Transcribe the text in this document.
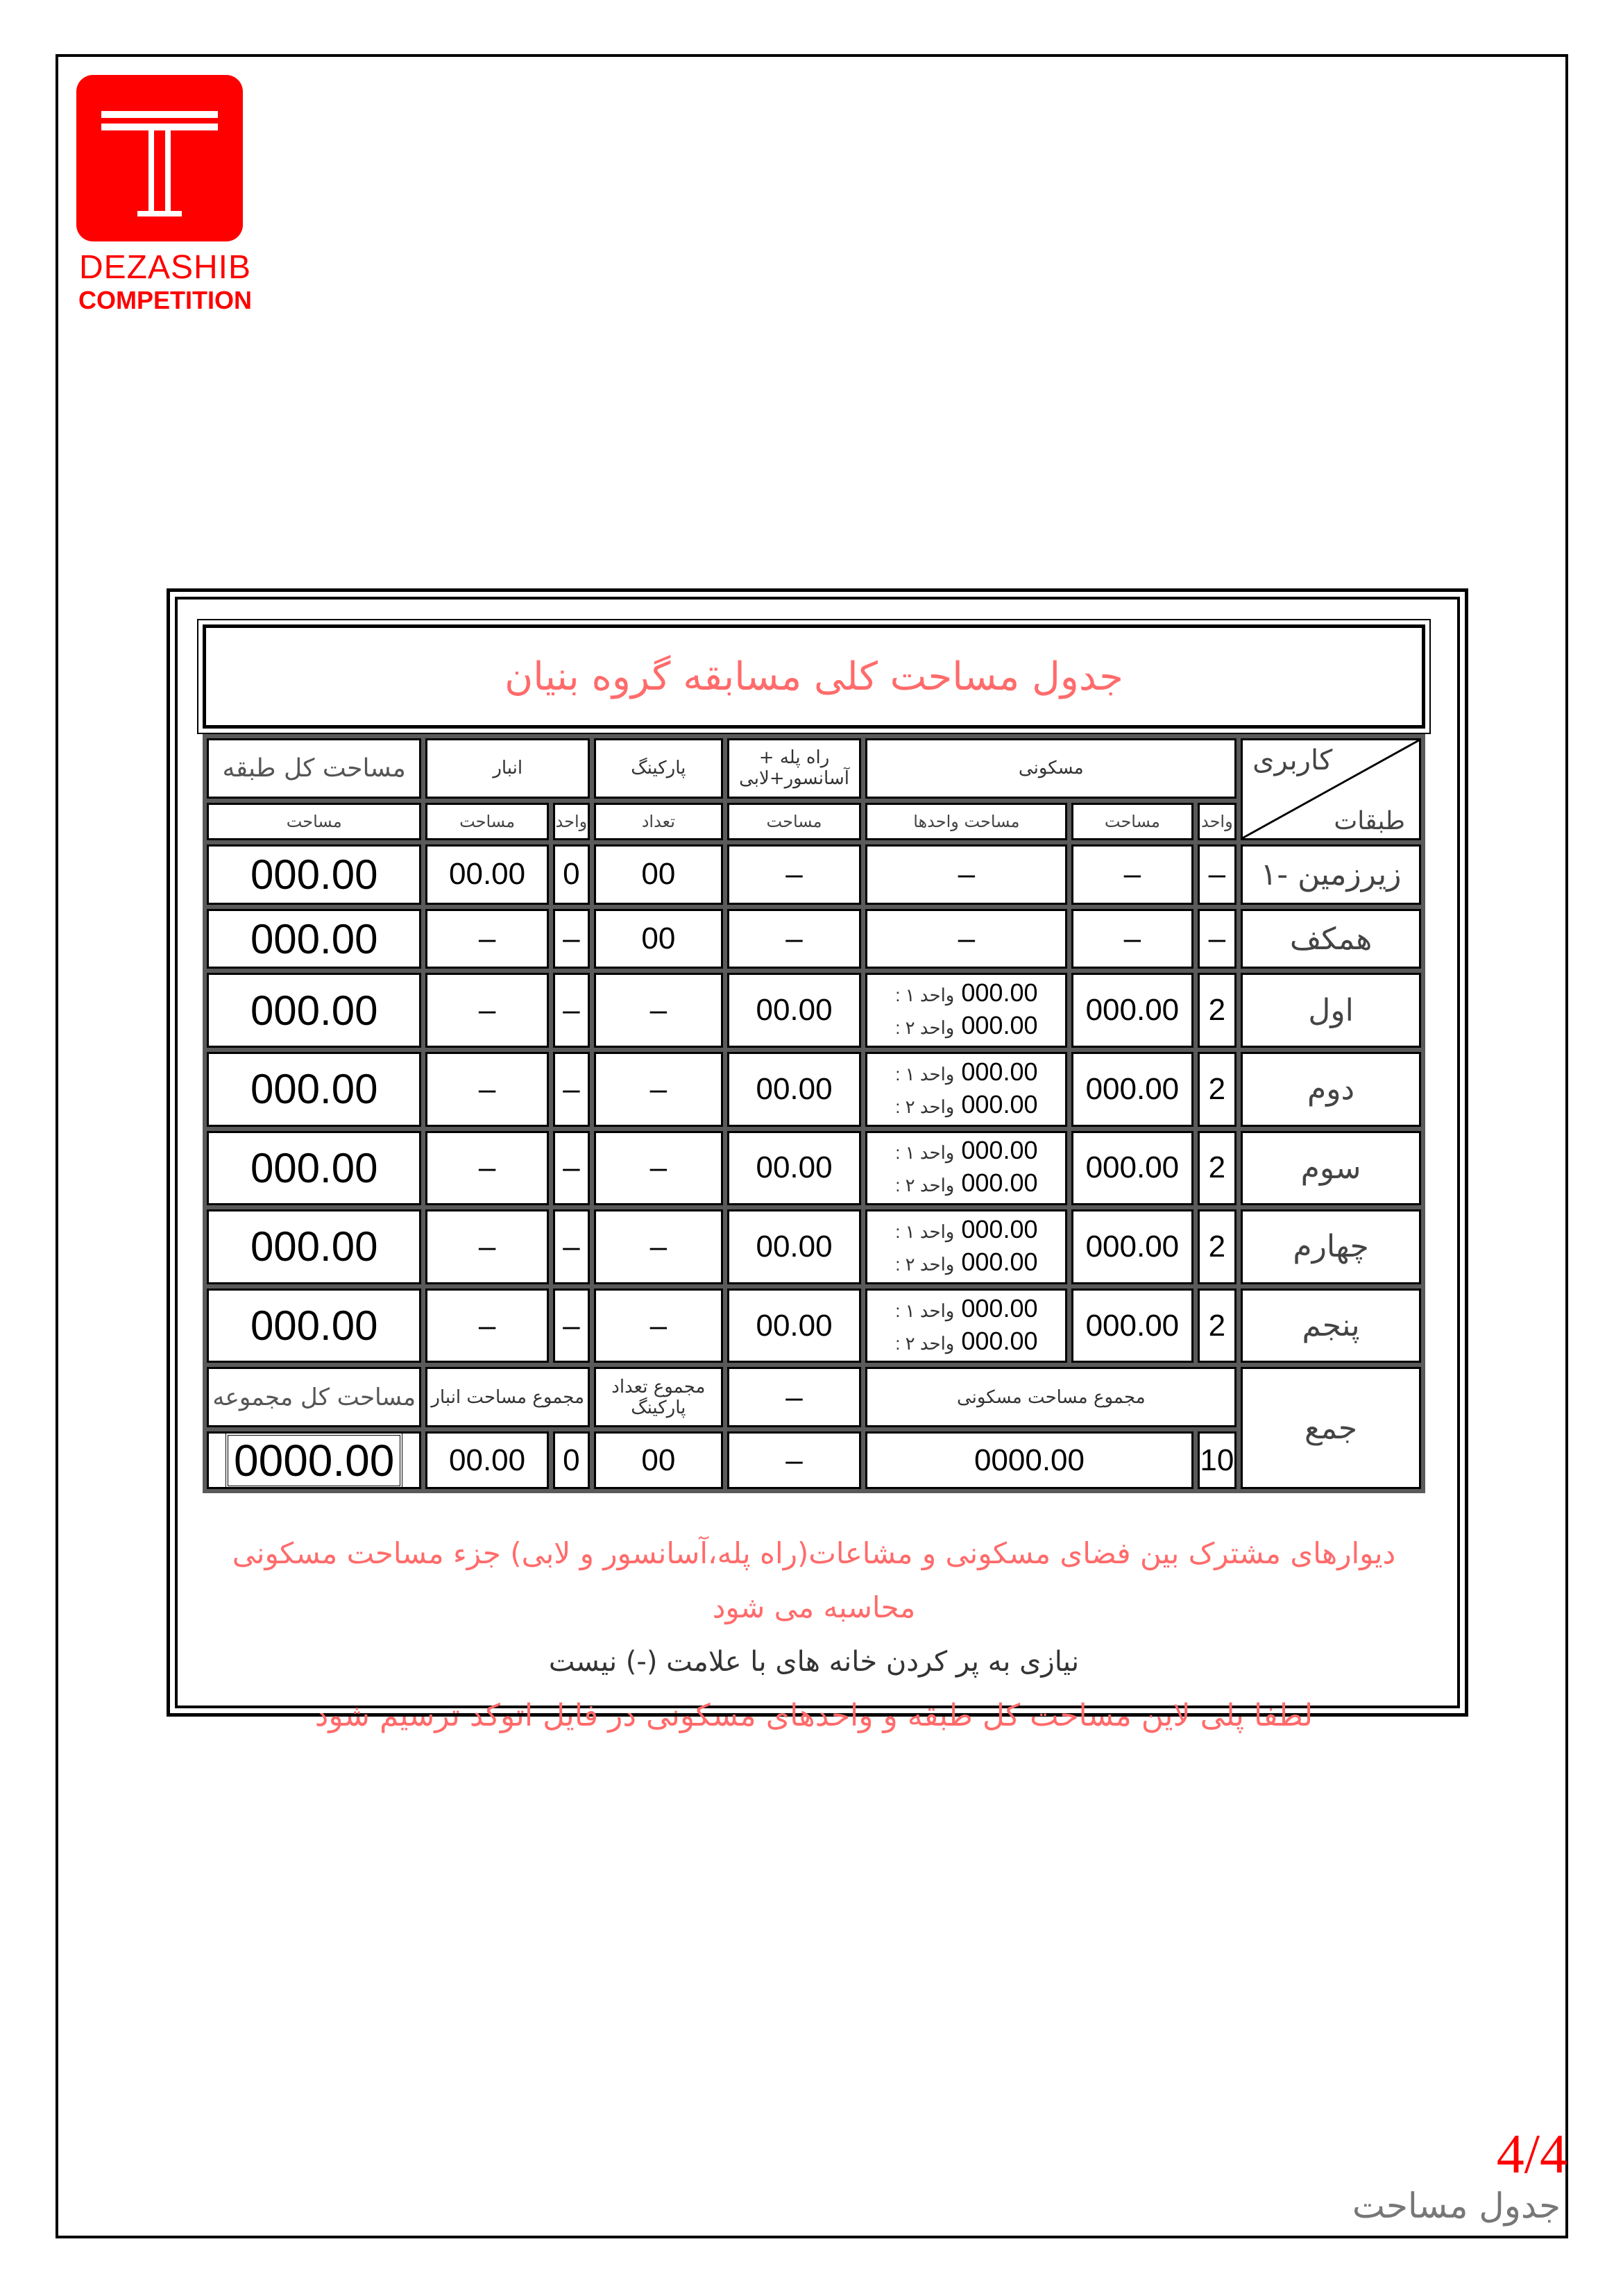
DEZASHIB
COMPETITION
جدول مساحت کلی مسابقه گروه بنیان
کاربری
طبقات	مسکونی			راه پله + آسانسور+لابی	پارکینگ	انبار		مساحت کل طبقه
	واحد	مساحت	مساحت واحدها	مساحت	تعداد	واحد	مساحت	مساحت
زیرزمین -۱	–	–	–	–	00	0	00.00	000.00
همکف	–	–	–	–	00	–	–	000.00
اول	2	000.00	000.00 واحد ۱ :
000.00 واحد ۲ :	00.00	–	–	–	000.00
دوم	2	000.00	000.00 واحد ۱ :
000.00 واحد ۲ :	00.00	–	–	–	000.00
سوم	2	000.00	000.00 واحد ۱ :
000.00 واحد ۲ :	00.00	–	–	–	000.00
چهارم	2	000.00	000.00 واحد ۱ :
000.00 واحد ۲ :	00.00	–	–	–	000.00
پنجم	2	000.00	000.00 واحد ۱ :
000.00 واحد ۲ :	00.00	–	–	–	000.00
جمع	مجموع مساحت مسکونی			–	مجموع تعداد پارکینگ	مجموع مساحت انبار		مساحت کل مجموعه
	10	0000.00		–	00	0	00.00	0000.00
دیوارهای مشترک بین فضای مسکونی و مشاعات(راه پله،آسانسور و لابی) جزء مساحت مسکونی محاسبه می شود
نیازی به پر کردن خانه های با علامت (-) نیست
لطفا پلی لاین مساحت کل طبقه و واحدهای مسکونی در فایل اتوکد ترسیم شود
4/4
جدول مساحت
